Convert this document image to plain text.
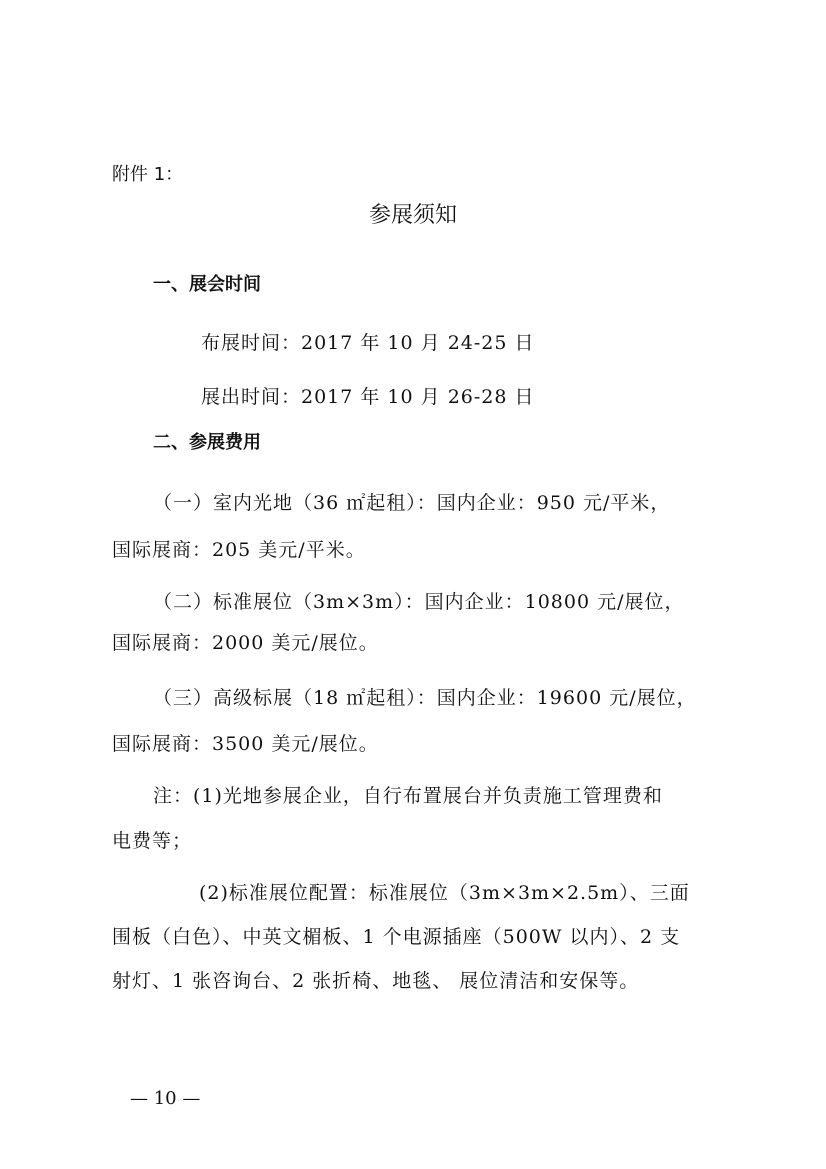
附件 1：
参展须知
一、展会时间
布展时间：2017 年 10 月 24-25 日
展出时间：2017 年 10 月 26-28 日
二、参展费用
（一）室内光地（36 ㎡起租）：国内企业：950 元/平米，
国际展商：205 美元/平米。
（二）标准展位（3m×3m）：国内企业：10800 元/展位，
国际展商：2000 美元/展位。
（三）高级标展（18 ㎡起租）：国内企业：19600 元/展位，
国际展商：3500 美元/展位。
注：(1)光地参展企业，自行布置展台并负责施工管理费和
电费等；
(2)标准展位配置：标准展位（3m×3m×2.5m）、三面
围板（白色）、中英文楣板、1 个电源插座（500W 以内）、2 支
射灯、1 张咨询台、2 张折椅、地毯、 展位清洁和安保等。
— 10 —
